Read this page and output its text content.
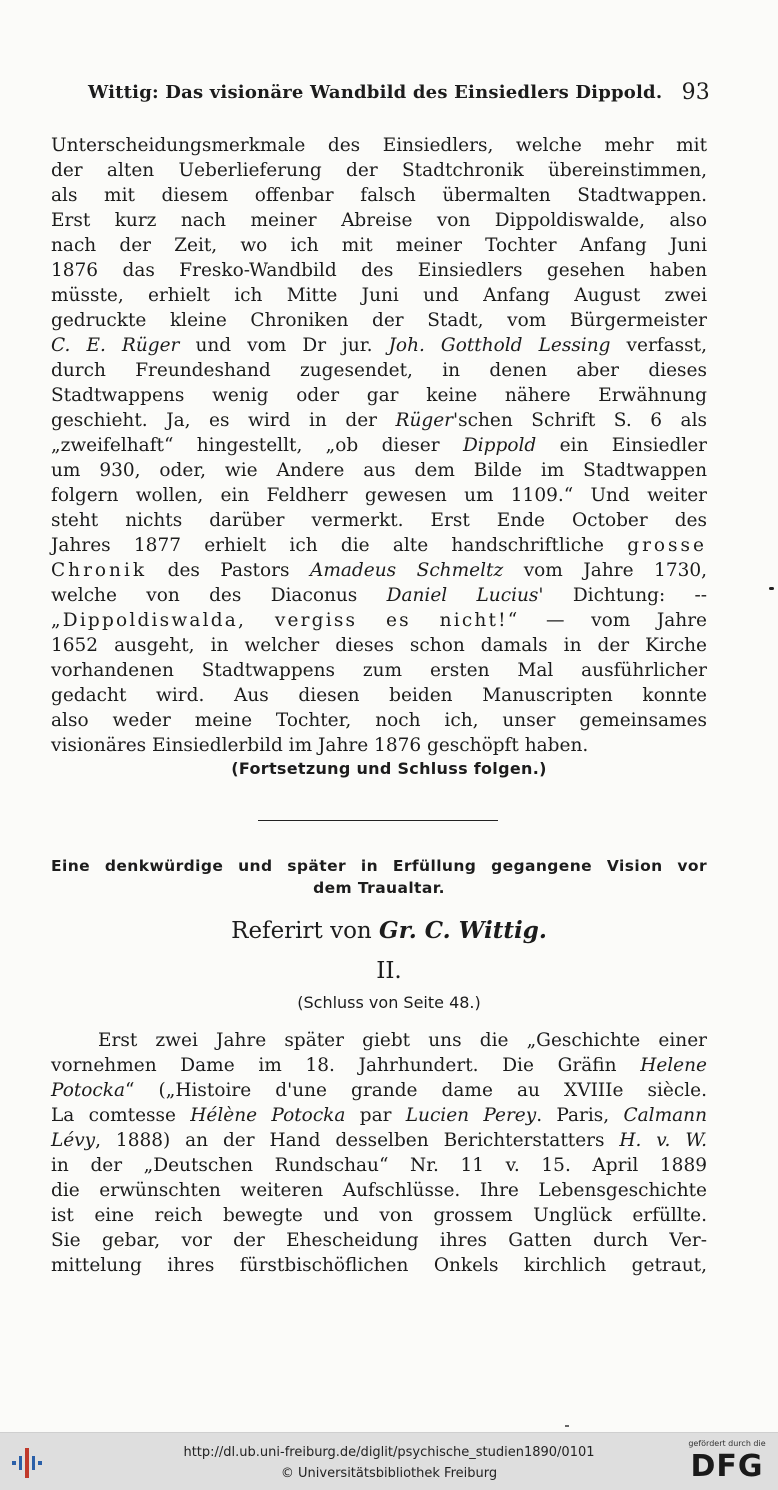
Wittig: Das visionäre Wandbild des Einsiedlers Dippold. 93
Unterscheidungsmerkmale des Einsiedlers, welche mehr mit
der alten Ueberlieferung der Stadtchronik übereinstimmen,
als mit diesem offenbar falsch übermalten Stadtwappen.
Erst kurz nach meiner Abreise von Dippoldiswalde, also
nach der Zeit, wo ich mit meiner Tochter Anfang Juni
1876 das Fresko-Wandbild des Einsiedlers gesehen haben
müsste, erhielt ich Mitte Juni und Anfang August zwei
gedruckte kleine Chroniken der Stadt, vom Bürgermeister
C. E. Rüger und vom Dr jur. Joh. Gotthold Lessing verfasst,
durch Freundeshand zugesendet, in denen aber dieses
Stadtwappens wenig oder gar keine nähere Erwähnung
geschieht. Ja, es wird in der Rüger'schen Schrift S. 6 als
„zweifelhaft“ hingestellt, „ob dieser Dippold ein Einsiedler
um 930, oder, wie Andere aus dem Bilde im Stadtwappen
folgern wollen, ein Feldherr gewesen um 1109.“ Und weiter
steht nichts darüber vermerkt. Erst Ende October des
Jahres 1877 erhielt ich die alte handschriftliche grosse
Chronik des Pastors Amadeus Schmeltz vom Jahre 1730,
welche von des Diaconus Daniel Lucius' Dichtung: --
„Dippoldiswalda, vergiss es nicht!“ — vom Jahre
1652 ausgeht, in welcher dieses schon damals in der Kirche
vorhandenen Stadtwappens zum ersten Mal ausführlicher
gedacht wird. Aus diesen beiden Manuscripten konnte
also weder meine Tochter, noch ich, unser gemeinsames
visionäres Einsiedlerbild im Jahre 1876 geschöpft haben.
(Fortsetzung und Schluss folgen.)
Eine denkwürdige und später in Erfüllung gegangene Vision vor
dem Traualtar.
Referirt von Gr. C. Wittig.
II.
(Schluss von Seite 48.)
Erst zwei Jahre später giebt uns die „Geschichte einer
vornehmen Dame im 18. Jahrhundert. Die Gräfin Helene
Potocka“ („Histoire d'une grande dame au XVIIIe siècle.
La comtesse Hélène Potocka par Lucien Perey. Paris, Calmann
Lévy, 1888) an der Hand desselben Berichterstatters H. v. W.
in der „Deutschen Rundschau“ Nr. 11 v. 15. April 1889
die erwünschten weiteren Aufschlüsse. Ihre Lebensgeschichte
ist eine reich bewegte und von grossem Unglück erfüllte.
Sie gebar, vor der Ehescheidung ihres Gatten durch Ver-
mittelung ihres fürstbischöflichen Onkels kirchlich getraut,
http://dl.ub.uni-freiburg.de/diglit/psychische_studien1890/0101
© Universitätsbibliothek Freiburg
gefördert durch die
DFG
